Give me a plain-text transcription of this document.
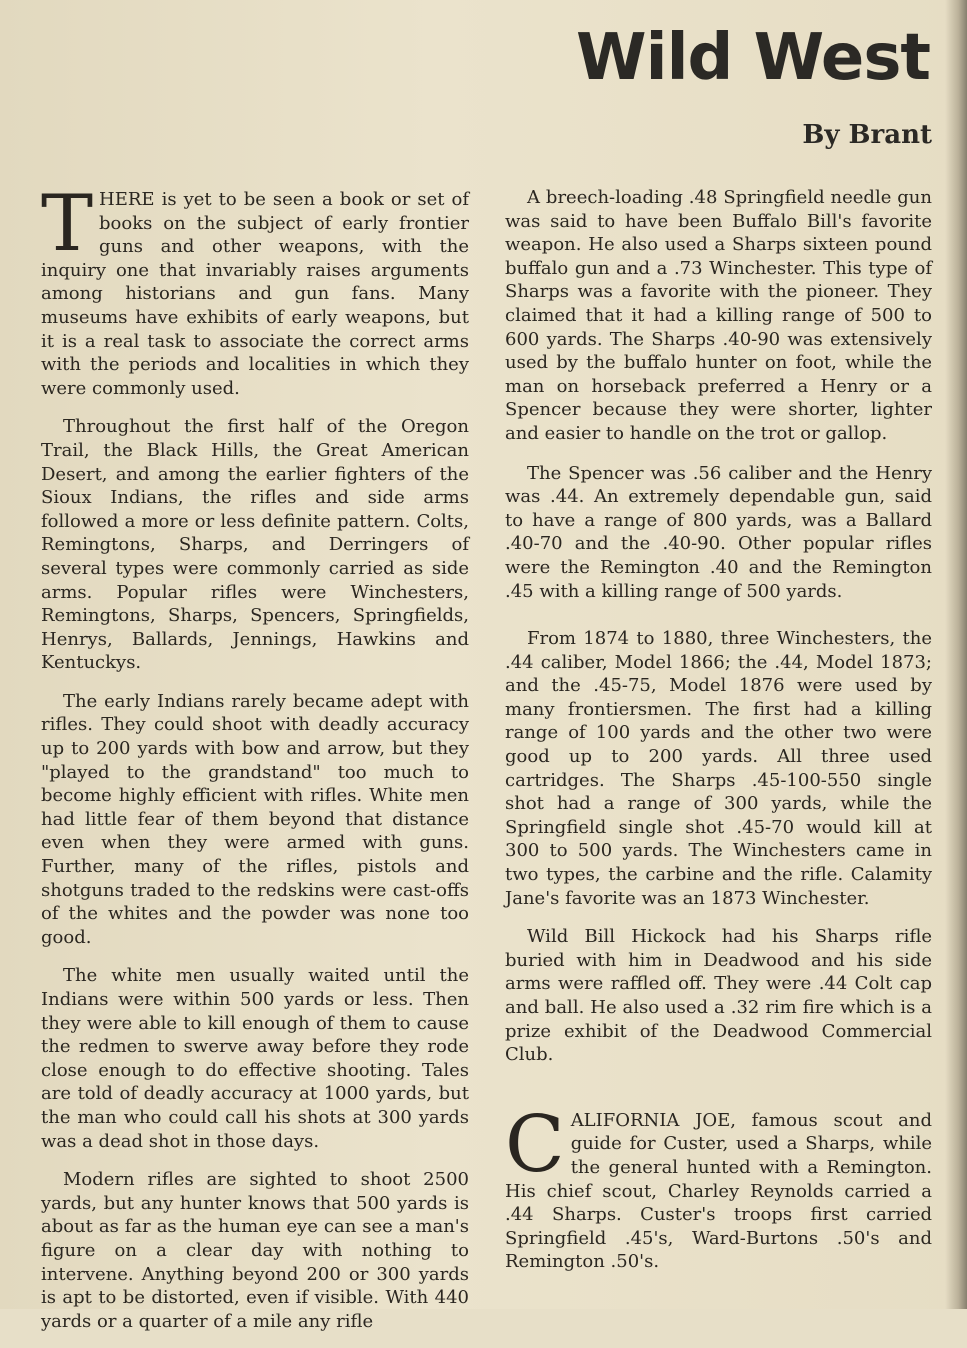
Wild West
By Brant

THERE is yet to be seen a book or set of books on the subject of early frontier guns and other weapons, with the inquiry one that invariably raises arguments among historians and gun fans. Many museums have exhibits of early weapons, but it is a real task to associate the correct arms with the periods and localities in which they were commonly used.

Throughout the first half of the Oregon Trail, the Black Hills, the Great American Desert, and among the earlier fighters of the Sioux Indians, the rifles and side arms followed a more or less definite pattern. Colts, Remingtons, Sharps, and Derringers of several types were commonly carried as side arms. Popular rifles were Winchesters, Remingtons, Sharps, Spencers, Springfields, Henrys, Ballards, Jennings, Hawkins and Kentuckys.

The early Indians rarely became adept with rifles. They could shoot with deadly accuracy up to 200 yards with bow and arrow, but they "played to the grandstand" too much to become highly efficient with rifles. White men had little fear of them beyond that distance even when they were armed with guns. Further, many of the rifles, pistols and shotguns traded to the redskins were cast-offs of the whites and the powder was none too good.

The white men usually waited until the Indians were within 500 yards or less. Then they were able to kill enough of them to cause the redmen to swerve away before they rode close enough to do effective shooting. Tales are told of deadly accuracy at 1000 yards, but the man who could call his shots at 300 yards was a dead shot in those days.

Modern rifles are sighted to shoot 2500 yards, but any hunter knows that 500 yards is about as far as the human eye can see a man's figure on a clear day with nothing to intervene. Anything beyond 200 or 300 yards is apt to be distorted, even if visible. With 440 yards or a quarter of a mile any rifle

A breech-loading .48 Springfield needle gun was said to have been Buffalo Bill's favorite weapon. He also used a Sharps sixteen pound buffalo gun and a .73 Winchester. This type of Sharps was a favorite with the pioneer. They claimed that it had a killing range of 500 to 600 yards. The Sharps .40-90 was extensively used by the buffalo hunter on foot, while the man on horseback preferred a Henry or a Spencer because they were shorter, lighter and easier to handle on the trot or gallop.

The Spencer was .56 caliber and the Henry was .44. An extremely dependable gun, said to have a range of 800 yards, was a Ballard .40-70 and the .40-90. Other popular rifles were the Remington .40 and the Remington .45 with a killing range of 500 yards.

From 1874 to 1880, three Winchesters, the .44 caliber, Model 1866; the .44, Model 1873; and the .45-75, Model 1876 were used by many frontiersmen. The first had a killing range of 100 yards and the other two were good up to 200 yards. All three used cartridges. The Sharps .45-100-550 single shot had a range of 300 yards, while the Springfield single shot .45-70 would kill at 300 to 500 yards. The Winchesters came in two types, the carbine and the rifle. Calamity Jane's favorite was an 1873 Winchester.

Wild Bill Hickock had his Sharps rifle buried with him in Deadwood and his side arms were raffled off. They were .44 Colt cap and ball. He also used a .32 rim fire which is a prize exhibit of the Deadwood Commercial Club.

CALIFORNIA JOE, famous scout and guide for Custer, used a Sharps, while the general hunted with a Remington. His chief scout, Charley Reynolds carried a .44 Sharps. Custer's troops first carried Springfield .45's, Ward-Burtons .50's and Remington .50's.
